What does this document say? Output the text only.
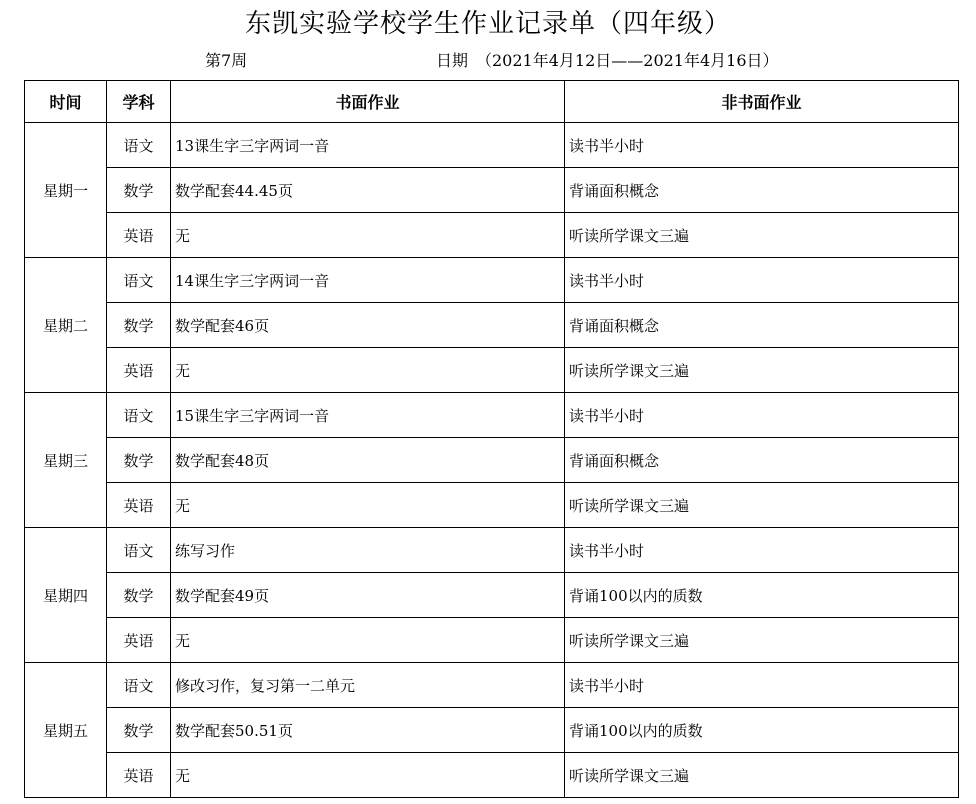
东凯实验学校学生作业记录单（四年级）
第7周	日期　（2021年4月12日——2021年4月16日）
时间	学科	书面作业	非书面作业
星期一	语文	13课生字三字两词一音	读书半小时
	数学	数学配套44.45页	背诵面积概念
	英语	无	听读所学课文三遍
星期二	语文	14课生字三字两词一音	读书半小时
	数学	数学配套46页	背诵面积概念
	英语	无	听读所学课文三遍
星期三	语文	15课生字三字两词一音	读书半小时
	数学	数学配套48页	背诵面积概念
	英语	无	听读所学课文三遍
星期四	语文	练写习作	读书半小时
	数学	数学配套49页	背诵100以内的质数
	英语	无	听读所学课文三遍
星期五	语文	修改习作，复习第一二单元	读书半小时
	数学	数学配套50.51页	背诵100以内的质数
	英语	无	听读所学课文三遍
